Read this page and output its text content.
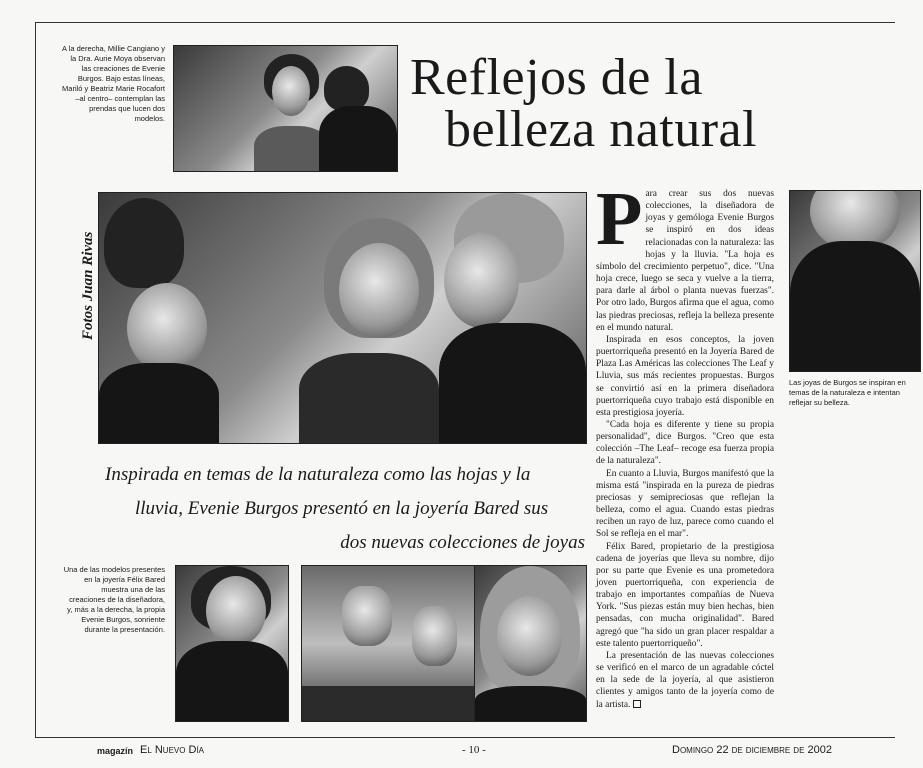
A la derecha, Millie Cangiano y la Dra. Aurie Moya observan las creaciones de Evenie Burgos. Bajo estas líneas, Mariló y Beatriz Marie Rocafort –al centro– contemplan las prendas que lucen dos modelos.
Reflejos de la
belleza natural
Fotos Juan Rivas
Las joyas de Burgos se inspiran en temas de la naturaleza e intentan reflejar su belleza.
Inspirada en temas de la naturaleza como las hojas y la
lluvia, Evenie Burgos presentó en la joyería Bared sus
dos nuevas colecciones de joyas
Una de las modelos presentes en la joyería Félix Bared muestra una de las creaciones de la diseñadora, y, más a la derecha, la propia Evenie Burgos, sonriente durante la presentación.

Para crear sus dos nuevas colecciones, la diseñadora de joyas y gemóloga Evenie Burgos se inspiró en dos ideas relacionadas con la naturaleza: las hojas y la lluvia. "La hoja es símbolo del crecimiento perpetuo", dice. "Una hoja crece, luego se seca y vuelve a la tierra, para darle al árbol o planta nuevas fuerzas". Por otro lado, Burgos afirma que el agua, como las piedras preciosas, refleja la belleza presente en el mundo natural.

Inspirada en esos conceptos, la joven puertorriqueña presentó en la Joyería Bared de Plaza Las Américas las colecciones The Leaf y Lluvia, sus más recientes propuestas. Burgos se convirtió así en la primera diseñadora puertorriqueña cuyo trabajo está disponible en esta prestigiosa joyería.

"Cada hoja es diferente y tiene su propia personalidad", dice Burgos. "Creo que esta colección –The Leaf– recoge esa fuerza propia de la naturaleza".

En cuanto a Lluvia, Burgos manifestó que la misma está "inspirada en la pureza de piedras preciosas y semipreciosas que reflejan la belleza, como el agua. Cuando estas piedras reciben un rayo de luz, parece como cuando el Sol se refleja en el mar".

Félix Bared, propietario de la prestigiosa cadena de joyerías que lleva su nombre, dijo por su parte que Evenie es una prometedora joven puertorriqueña, con experiencia de trabajo en importantes compañías de Nueva York. "Sus piezas están muy bien hechas, bien pensadas, con mucha originalidad". Bared agregó que "ha sido un gran placer respaldar a este talento puertorriqueño".

La presentación de las nuevas colecciones se verificó en el marco de un agradable cóctel en la sede de la joyería, al que asistieron clientes y amigos tanto de la joyería como de la artista.

magazín El Nuevo Día	- 10 -	Domingo 22 de diciembre de 2002
